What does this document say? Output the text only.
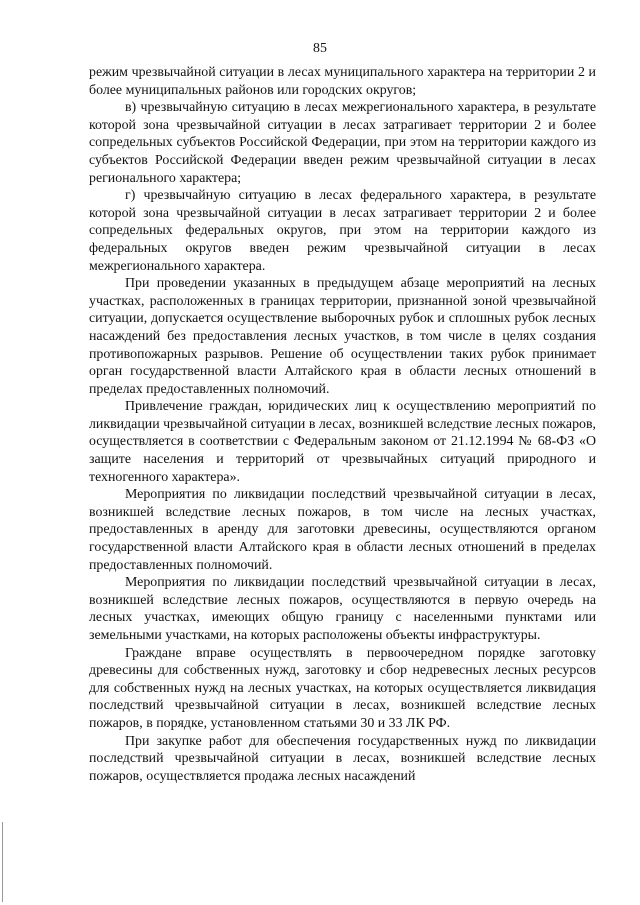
85

режим чрезвычайной ситуации в лесах муниципального характера на территории 2 и более муниципальных районов или городских округов;

в) чрезвычайную ситуацию в лесах межрегионального характера, в результате которой зона чрезвычайной ситуации в лесах затрагивает территории 2 и более сопредельных субъектов Российской Федерации, при этом на территории каждого из субъектов Российской Федерации введен режим чрезвычайной ситуации в лесах регионального характера;

г) чрезвычайную ситуацию в лесах федерального характера, в результате которой зона чрезвычайной ситуации в лесах затрагивает территории 2 и более сопредельных федеральных округов, при этом на территории каждого из федеральных округов введен режим чрезвычайной ситуации в лесах межрегионального характера.

При проведении указанных в предыдущем абзаце мероприятий на лесных участках, расположенных в границах территории, признанной зоной чрезвычайной ситуации, допускается осуществление выборочных рубок и сплошных рубок лесных насаждений без предоставления лесных участков, в том числе в целях создания противопожарных разрывов. Решение об осуществлении таких рубок принимает орган государственной власти Алтайского края в области лесных отношений в пределах предоставленных полномочий.

Привлечение граждан, юридических лиц к осуществлению мероприятий по ликвидации чрезвычайной ситуации в лесах, возникшей вследствие лесных пожаров, осуществляется в соответствии с Федеральным законом от 21.12.1994 № 68-ФЗ «О защите населения и территорий от чрезвычайных ситуаций природного и техногенного характера».

Мероприятия по ликвидации последствий чрезвычайной ситуации в лесах, возникшей вследствие лесных пожаров, в том числе на лесных участках, предоставленных в аренду для заготовки древесины, осуществляются органом государственной власти Алтайского края в области лесных отношений в пределах предоставленных полномочий.

Мероприятия по ликвидации последствий чрезвычайной ситуации в лесах, возникшей вследствие лесных пожаров, осуществляются в первую очередь на лесных участках, имеющих общую границу с населенными пунктами или земельными участками, на которых расположены объекты инфраструктуры.

Граждане вправе осуществлять в первоочередном порядке заготовку древесины для собственных нужд, заготовку и сбор недревесных лесных ресурсов для собственных нужд на лесных участках, на которых осуществляется ликвидация последствий чрезвычайной ситуации в лесах, возникшей вследствие лесных пожаров, в порядке, установленном статьями 30 и 33 ЛК РФ.

При закупке работ для обеспечения государственных нужд по ликвидации последствий чрезвычайной ситуации в лесах, возникшей вследствие лесных пожаров, осуществляется продажа лесных насаждений
